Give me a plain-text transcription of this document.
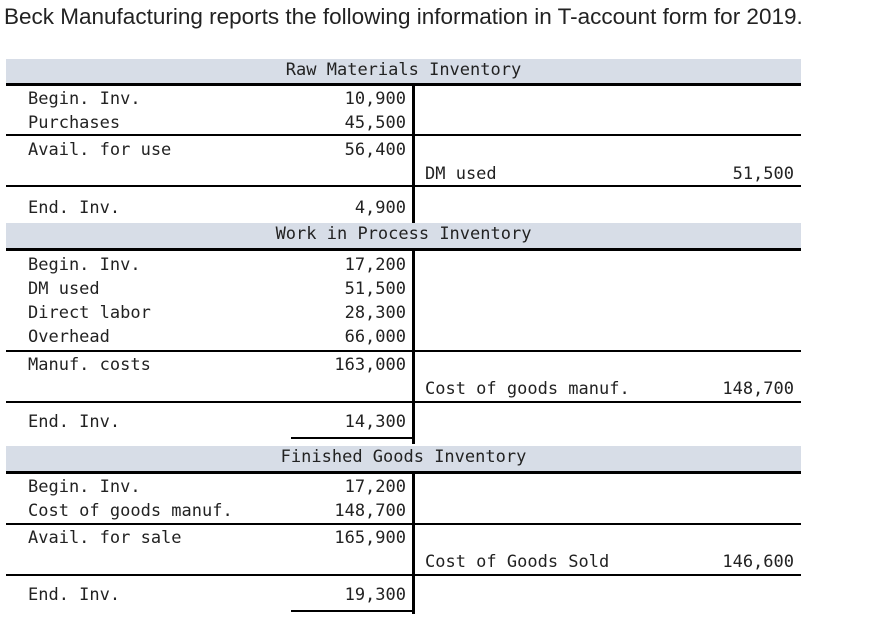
Beck Manufacturing reports the following information in T-account form for 2019.
Raw Materials Inventory
Begin. Inv.	10,900
Purchases	45,500
Avail. for use	56,400
DM used	51,500
End. Inv.	4,900
Work in Process Inventory
Begin. Inv.	17,200
DM used	51,500
Direct labor	28,300
Overhead	66,000
Manuf. costs	163,000
Cost of goods manuf.	148,700
End. Inv.	14,300
Finished Goods Inventory
Begin. Inv.	17,200
Cost of goods manuf.	148,700
Avail. for sale	165,900
Cost of Goods Sold	146,600
End. Inv.	19,300
